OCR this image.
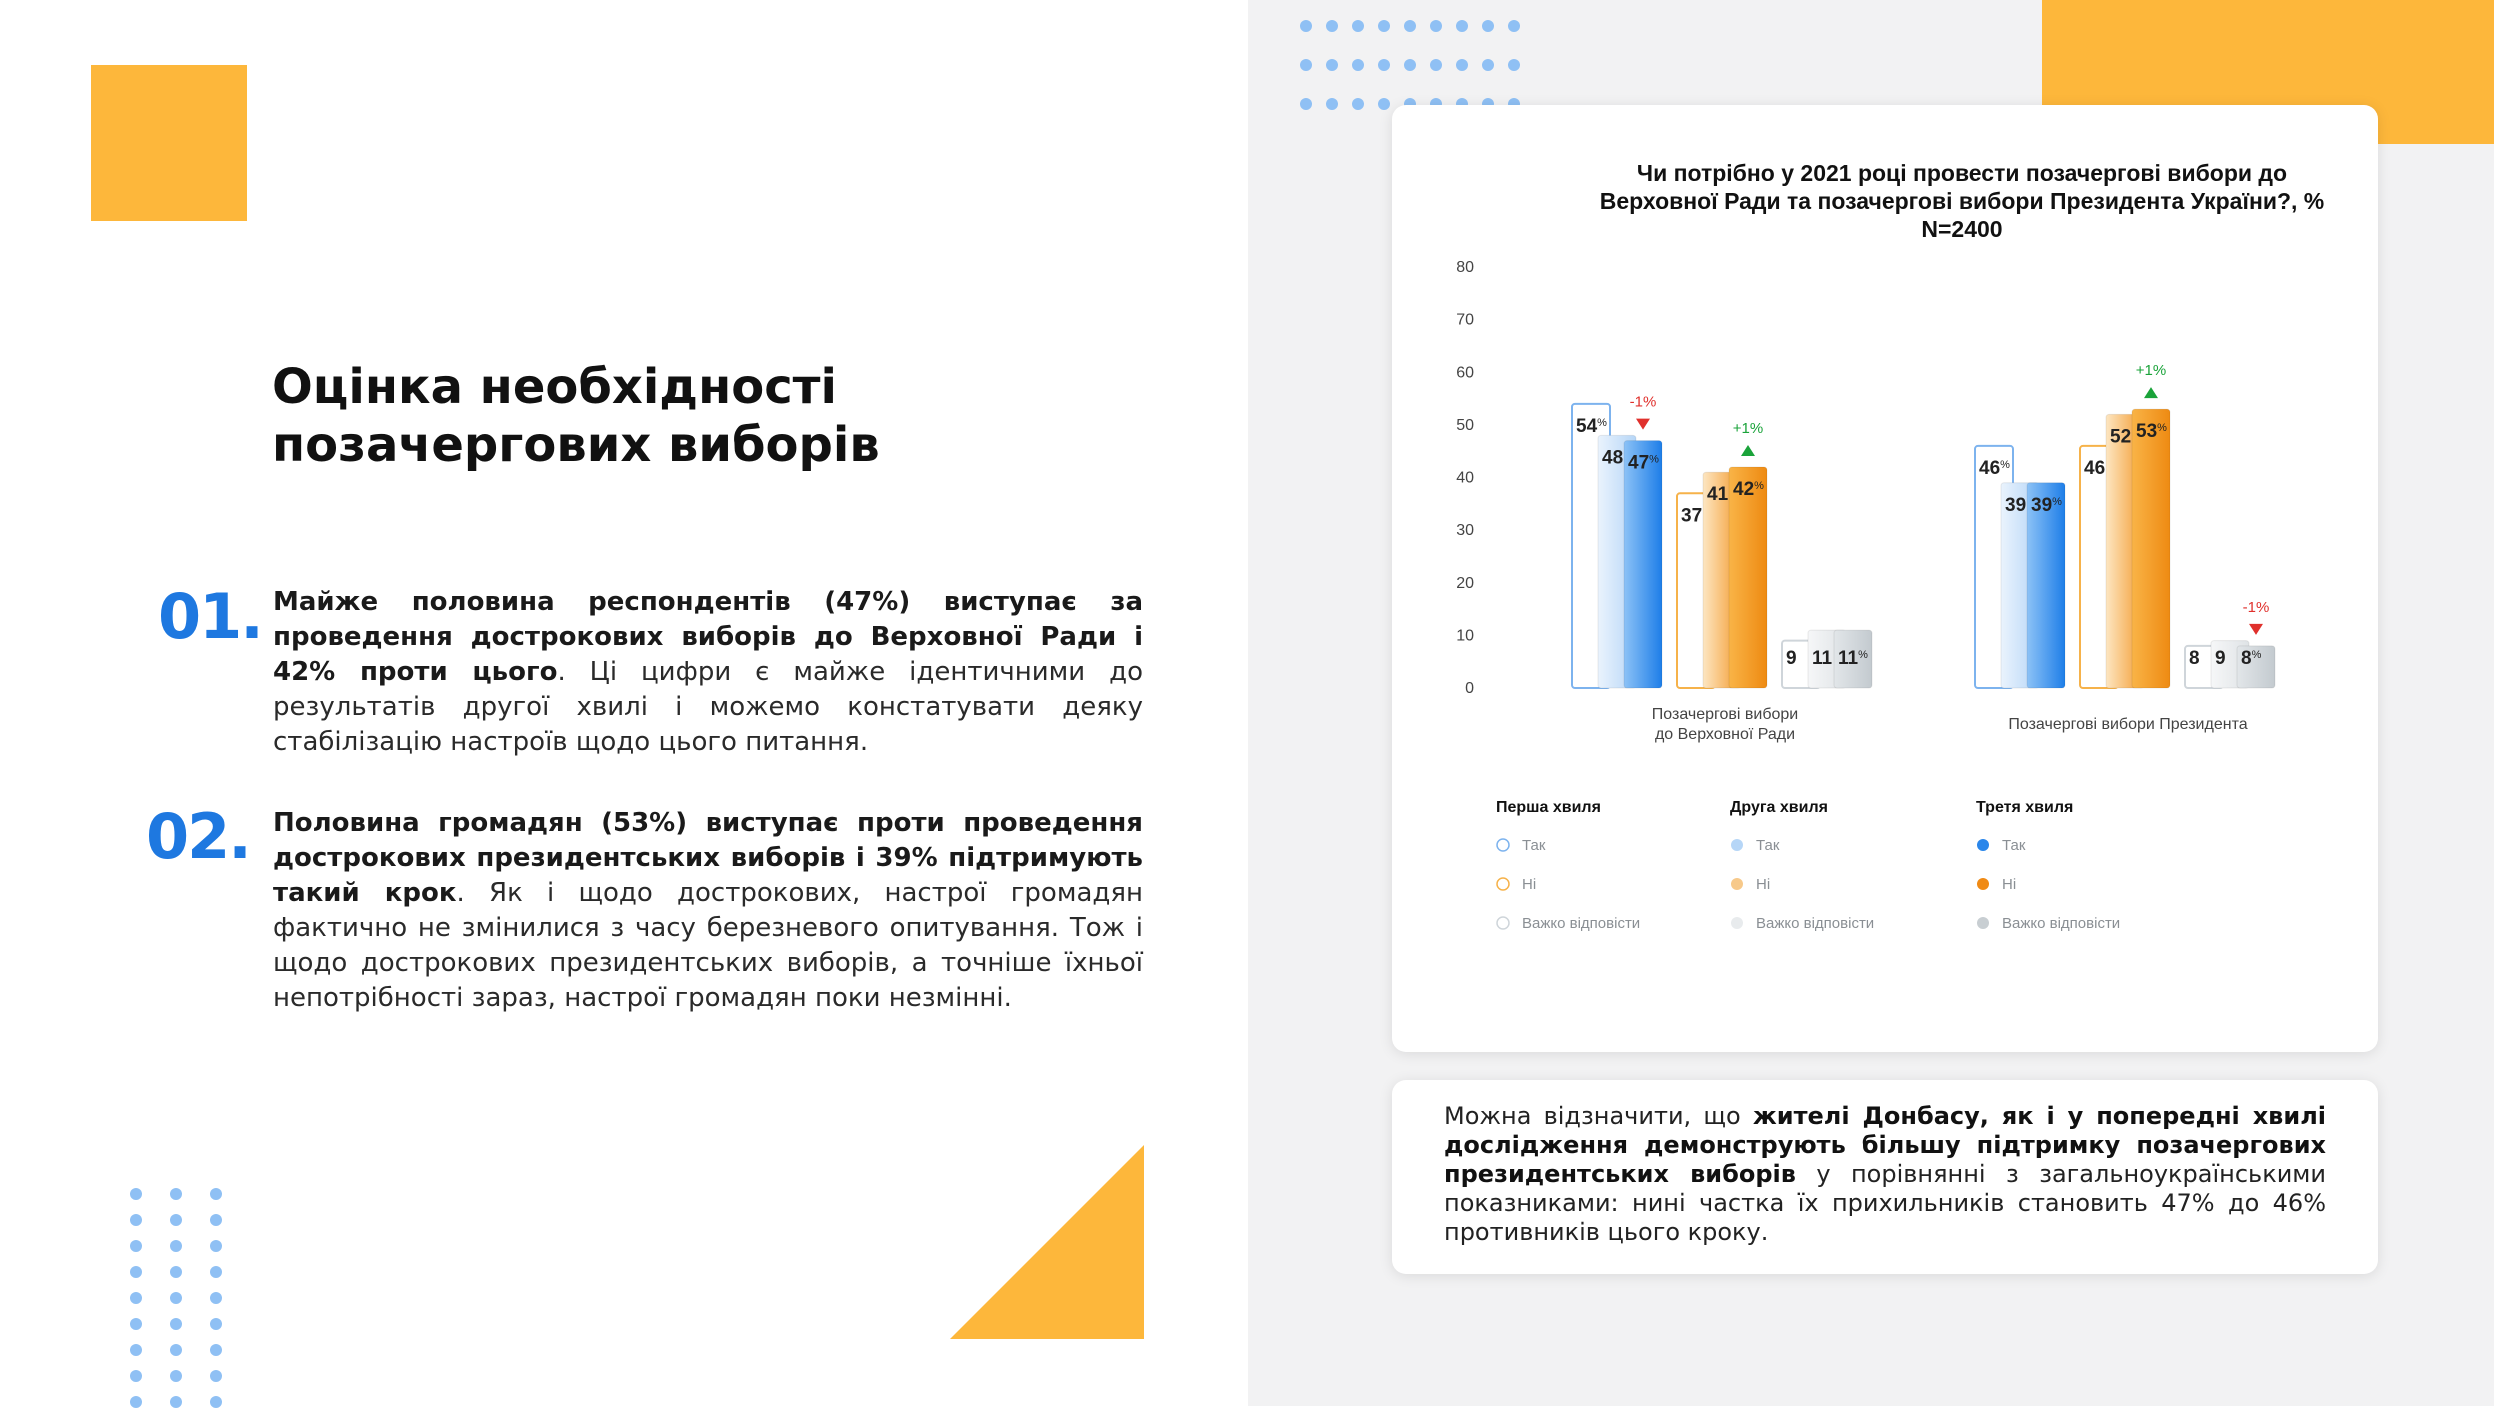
Оцінка необхідності позачергових виборів
01. Майже половина респондентів (47%) виступає за проведення дострокових виборів до Верховної Ради і 42% проти цього. Ці цифри є майже ідентичними до результатів другої хвилі і можемо констатувати деяку стабілізацію настроїв щодо цього питання.
02. Половина громадян (53%) виступає проти проведення дострокових президентських виборів і 39% підтримують такий крок. Як і щодо дострокових, настрої громадян фактично не змінилися з часу березневого опитування. Тож і щодо дострокових президентських виборів, а точніше їхньої непотрібності зараз, настрої громадян поки незмінні.
Чи потрібно у 2021 році провести позачергові вибори до
Верховної Ради та позачергові вибори Президента України?, %
N=2400
80
70
60
50
40
30
20
10
0
54%
46%
48
39
47%
39%
37
46
41
52
42%
53%
9	8
11	9
11%	8%
-1%
+1%
+1%
-1%
Позачергові вибори до Верховної Ради
Позачергові вибори Президента
Перша хвиля
Так
Ні
Важко відповісти
Друга хвиля
Так
Ні
Важко відповісти
Третя хвиля
Так
Ні
Важко відповісти
Можна відзначити, що жителі Донбасу, як і у попередні хвилі дослідження демонструють більшу підтримку позачергових президентських виборів у порівнянні з загальноукраїнськими показниками: нині частка їх прихильників становить 47% до 46% противників цього кроку.
